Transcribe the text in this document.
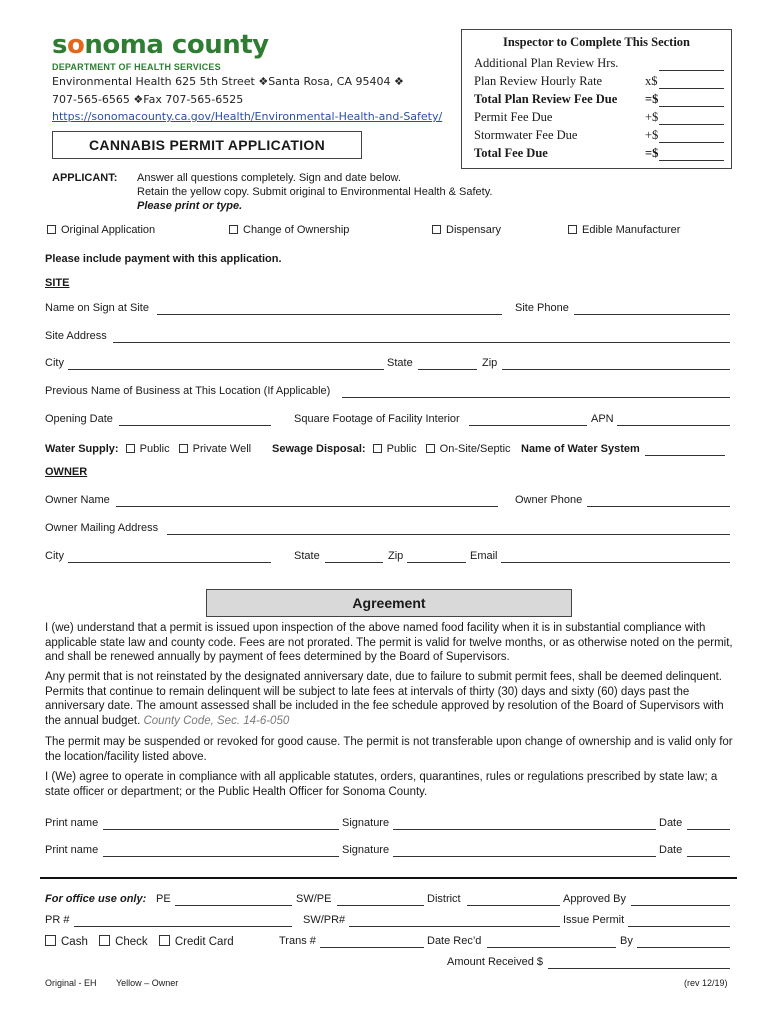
sonoma county
DEPARTMENT OF HEALTH SERVICES
Environmental Health 625 5th Street ❖Santa Rosa, CA 95404 ❖
707-565-6565 ❖Fax 707-565-6525
https://sonomacounty.ca.gov/Health/Environmental-Health-and-Safety/
CANNABIS PERMIT APPLICATION
Inspector to Complete This Section
Additional Plan Review Hrs.
Plan Review Hourly Rate	x$
Total Plan Review Fee Due =$
Permit Fee Due	+$
Stormwater Fee Due	+$
Total Fee Due	=$
APPLICANT: Answer all questions completely. Sign and date below.
Retain the yellow copy. Submit original to Environmental Health & Safety.
Please print or type.
Original Application	Change of Ownership	Dispensary	Edible Manufacturer
Please include payment with this application.
SITE
Name on Sign at Site	Site Phone
Site Address
City	State	Zip
Previous Name of Business at This Location (If Applicable)
Opening Date	Square Footage of Facility Interior	APN
Water Supply: Public Private Well Sewage Disposal: Public On-Site/Septic Name of Water System
OWNER
Owner Name	Owner Phone
Owner Mailing Address
City	State	Zip	Email
Agreement
I (we) understand that a permit is issued upon inspection of the above named food facility when it is in substantial compliance with applicable state law and county code. Fees are not prorated. The permit is valid for twelve months, or as otherwise noted on the permit, and shall be renewed annually by payment of fees determined by the Board of Supervisors.
Any permit that is not reinstated by the designated anniversary date, due to failure to submit permit fees, shall be deemed delinquent. Permits that continue to remain delinquent will be subject to late fees at intervals of thirty (30) days and sixty (60) days past the anniversary date. The amount assessed shall be included in the fee schedule approved by resolution of the Board of Supervisors with the annual budget. County Code, Sec. 14-6-050
The permit may be suspended or revoked for good cause. The permit is not transferable upon change of ownership and is valid only for the location/facility listed above.
I (We) agree to operate in compliance with all applicable statutes, orders, quarantines, rules or regulations prescribed by state law; a state officer or department; or the Public Health Officer for Sonoma County.
Print name	Signature	Date
Print name	Signature	Date
For office use only: PE	SW/PE	District	Approved By
PR #	SW/PR#	Issue Permit
Cash Check Credit Card	Trans #	Date Rec’d	By
Amount Received $
Original - EH Yellow – Owner	(rev 12/19)
